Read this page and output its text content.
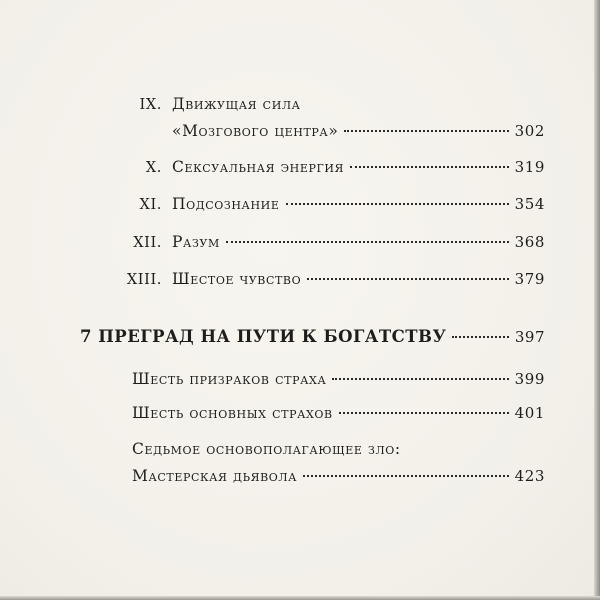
IX. Движущая сила
«Мозгового центра»	302
X. Сексуальная энергия	319
XI. Подсознание	354
XII. Разум	368
XIII. Шестое чувство	379
7 ПРЕГРАД НА ПУТИ К БОГАТСТВУ	397
Шесть призраков страха	399
Шесть основных страхов	401
Седьмое основополагающее зло:
Мастерская дьявола	423
